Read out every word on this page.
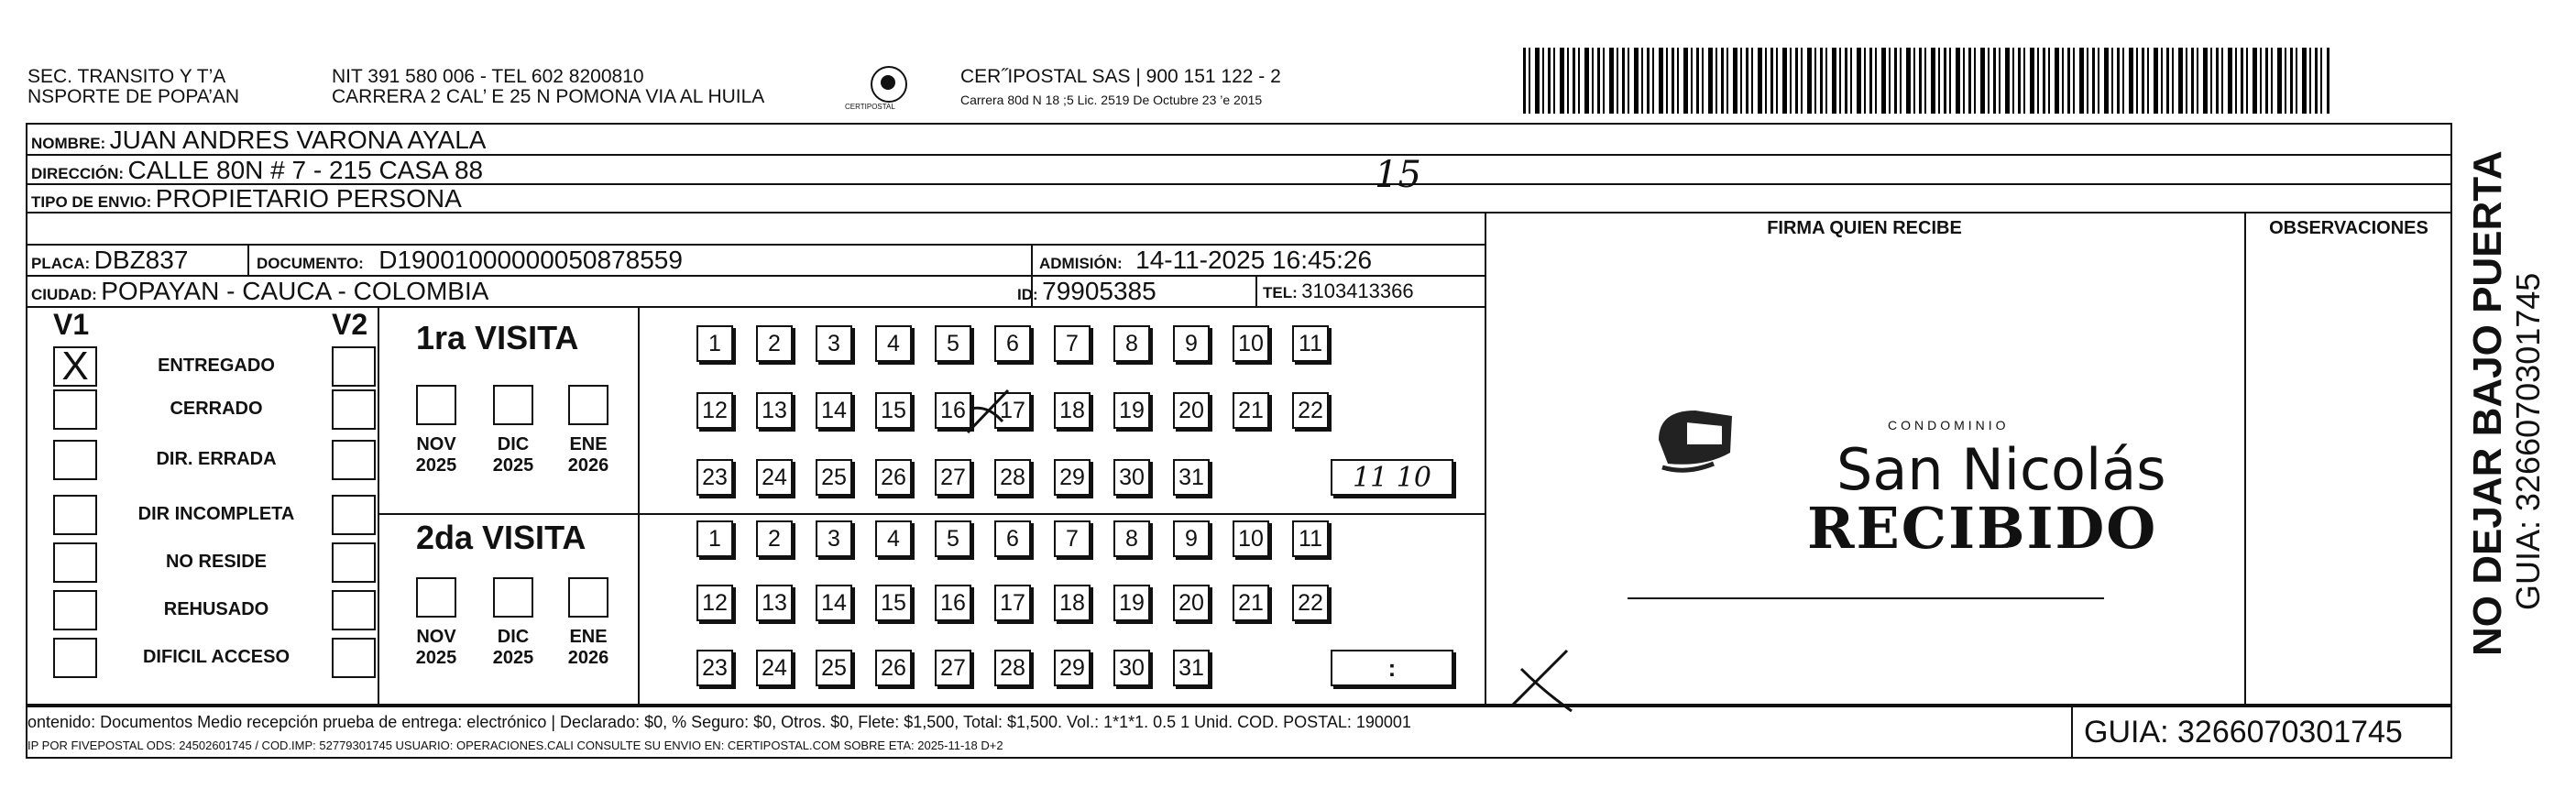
SEC. TRANSITO Y T’A
NSPORTE DE POPA’AN
NIT 391 580 006 - TEL 602 8200810
CARRERA 2 CAL’ E 25 N POMONA VIA AL HUILA	CERTIPOSTAL
CER˝IPOSTAL SAS | 900 151 122 - 2
Carrera 80d N 18 ;5 Lic. 2519 De Octubre 23 ’e 2015
NOMBRE: JUAN ANDRES VARONA AYALA
DIRECCIÓN: CALLE 80N # 7 - 215 CASA 88	15
TIPO DE ENVIO: PROPIETARIO PERSONA
FIRMA QUIEN RECIBE	OBSERVACIONES
PLACA: DBZ837	DOCUMENTO: D19001000000050878559	ADMISIÓN: 14-11-2025 16:45:26
CIUDAD: POPAYAN - CAUCA - COLOMBIA	ID: 79905385	TEL: 3103413366
V1	V2
X	ENTREGADO
CERRADO
DIR. ERRADA
DIR INCOMPLETA
NO RESIDE
REHUSADO
DIFICIL ACCESO
1ra VISITA
2da VISITA
NOV
2025
DIC
2025
ENE
2026
NOV
2025
DIC
2025
ENE
2026
1	2	3	4	5	6	7	8	9	10 11
12 13 14 15 16 17 18 19 20 21 22
23 24 25 26 27 28 29 30 31
1	2	3	4	5	6	7	8	9	10 11
12 13 14 15 16 17 18 19 20 21 22
23 24 25 26 27 28 29 30 31
11 10
:
CONDOMINIO
San Nicolás
RECIBIDO
ontenido: Documentos Medio recepción prueba de entrega: electrónico | Declarado: $0, % Seguro: $0, Otros. $0, Flete: $1,500, Total: $1,500. Vol.: 1*1*1. 0.5 1 Unid. COD. POSTAL: 190001
IP POR FIVEPOSTAL ODS: 24502601745 / COD.IMP: 52779301745 USUARIO: OPERACIONES.CALI CONSULTE SU ENVIO EN: CERTIPOSTAL.COM SOBRE ETA: 2025-11-18 D+2	GUIA: 3266070301745
NO DEJAR BAJO PUERTA GUIA: 3266070301745
